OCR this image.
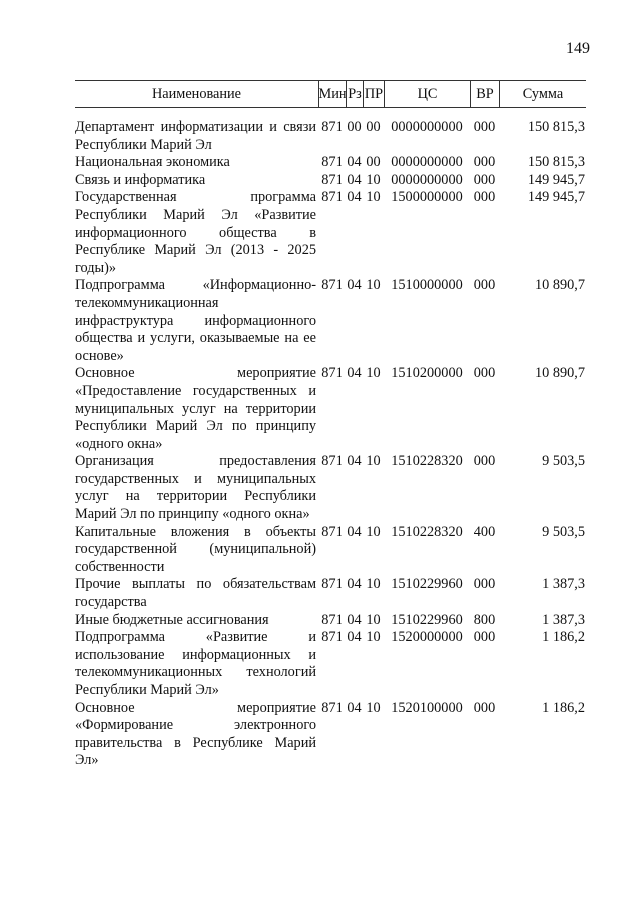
149
Наименование	Мин Рз ПР	ЦС	ВР	Сумма
Департамент информатизации и связи Республики Марий Эл
871 00 00 0000000000 000	150 815,3
Национальная экономика	871 04 00 0000000000 000	150 815,3
Связь и информатика	871 04 10 0000000000 000	149 945,7
Государственная программа Республики Марий Эл «Развитие информационного общества в Республике Марий Эл (2013 - 2025 годы)»
871 04 10 1500000000 000	149 945,7
Подпрограмма «Информационно-телекоммуникационная инфраструктура информационного общества и услуги, оказываемые на ее основе»
871 04 10 1510000000 000	10 890,7
Основное мероприятие «Предоставление государственных и муниципальных услуг на территории Республики Марий Эл по принципу «одного окна»
871 04 10 1510200000 000	10 890,7
Организация предоставления государственных и муниципальных услуг на территории Республики Марий Эл по принципу «одного окна»
871 04 10 1510228320 000	9 503,5
Капитальные вложения в объекты государственной (муниципальной) собственности
871 04 10 1510228320 400	9 503,5
Прочие выплаты по обязательствам государства
871 04 10 1510229960 000	1 387,3
Иные бюджетные ассигнования	871 04 10 1510229960 800	1 387,3
Подпрограмма «Развитие и использование информационных и телекоммуникационных технологий Республики Марий Эл»
871 04 10 1520000000 000	1 186,2
Основное мероприятие «Формирование электронного правительства в Республике Марий Эл»
871 04 10 1520100000 000	1 186,2
